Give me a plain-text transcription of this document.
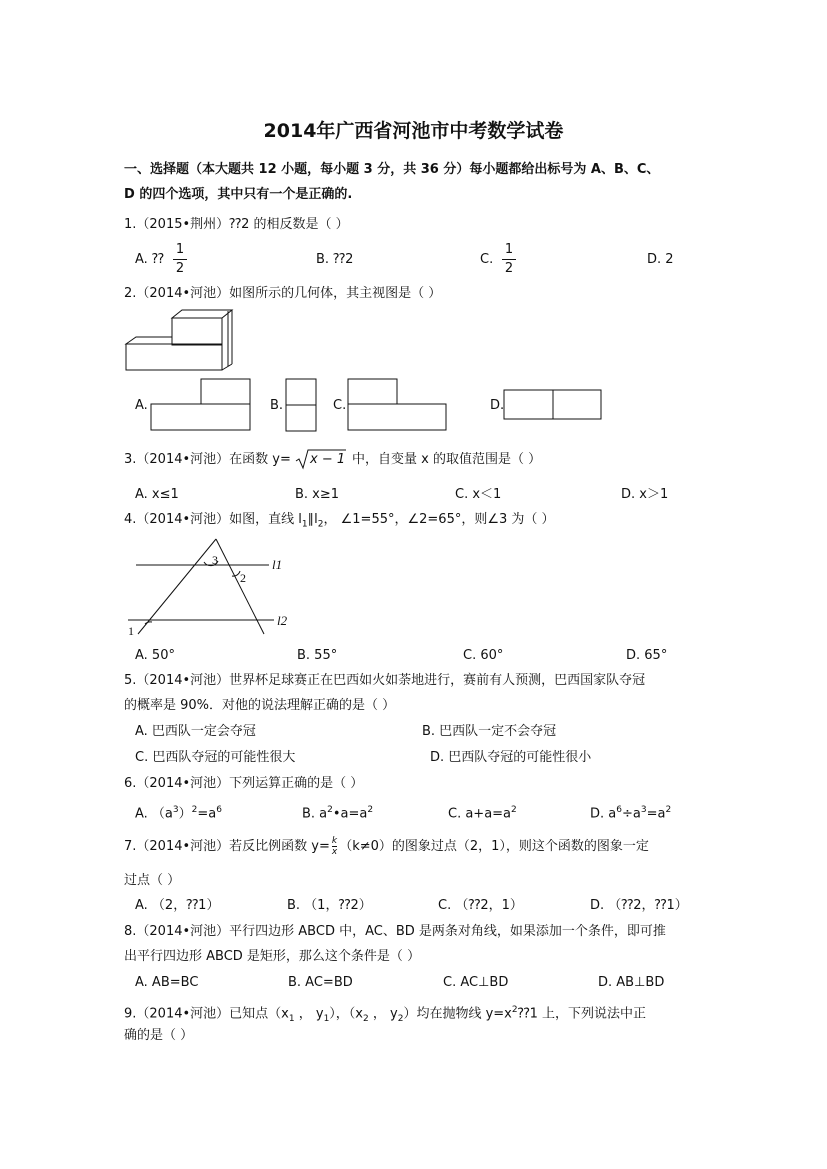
2014年广西省河池市中考数学试卷
一、选择题（本大题共 12 小题，每小题 3 分，共 36 分）每小题都给出标号为 A、B、C、
D 的四个选项，其中只有一个是正确的.
1.（2015•荆州）⁇2 的相反数是（ ）
A. ⁇
1
2
B. ⁇2	C.
1
2
D. 2
2.（2014•河池）如图所示的几何体，其主视图是（ ）
A.	B.	C.	D.
3.（2014•河池）在函数 y= x − 1 中，自变量 x 的取值范围是（ ）
A. x≤1	B. x≥1	C. x＜1	D. x＞1
4.（2014•河池）如图，直线 $l_1\parallel l_2$， ∠1=55°，∠2=65°，则∠3 为（ ）
3
2
1
l1
l2
A. 50°	B. 55°	C. 60°	D. 65°
5.（2014•河池）世界杯足球赛正在巴西如火如荼地进行，赛前有人预测，巴西国家队夺冠
的概率是 90%．对他的说法理解正确的是（ ）
A. 巴西队一定会夺冠	B. 巴西队一定不会夺冠
C. 巴西队夺冠的可能性很大	D. 巴西队夺冠的可能性很小
6.（2014•河池）下列运算正确的是（ ）
A. $(a^3)^2=a^6$	B. $a^2•a=a^2$	C. $a+a=a^2$	D. $a^6\div a^3=a^2$
7.（2014•河池）若反比例函数 $y= \frac{k}{x} (k\ne 0)$的图象过点（2，1），则这个函数的图象一定
过点（ ）
A. （2，⁇1）	B. （1，⁇2）	C. （⁇2，1）	D. （⁇2，⁇1）
8.（2014•河池）平行四边形 ABCD 中，AC、BD 是两条对角线，如果添加一个条件，即可推
出平行四边形 ABCD 是矩形，那么这个条件是（ ）
A. AB=BC	B. AC=BD	C. AC⊥BD	D. AB⊥BD
9.（2014•河池）已知点（$x_1$ ， $y_1$），（$x_2$ ， $y_2$）均在抛物线 $y=x^2⁇1$ 上，下列说法中正
确的是（ ）
